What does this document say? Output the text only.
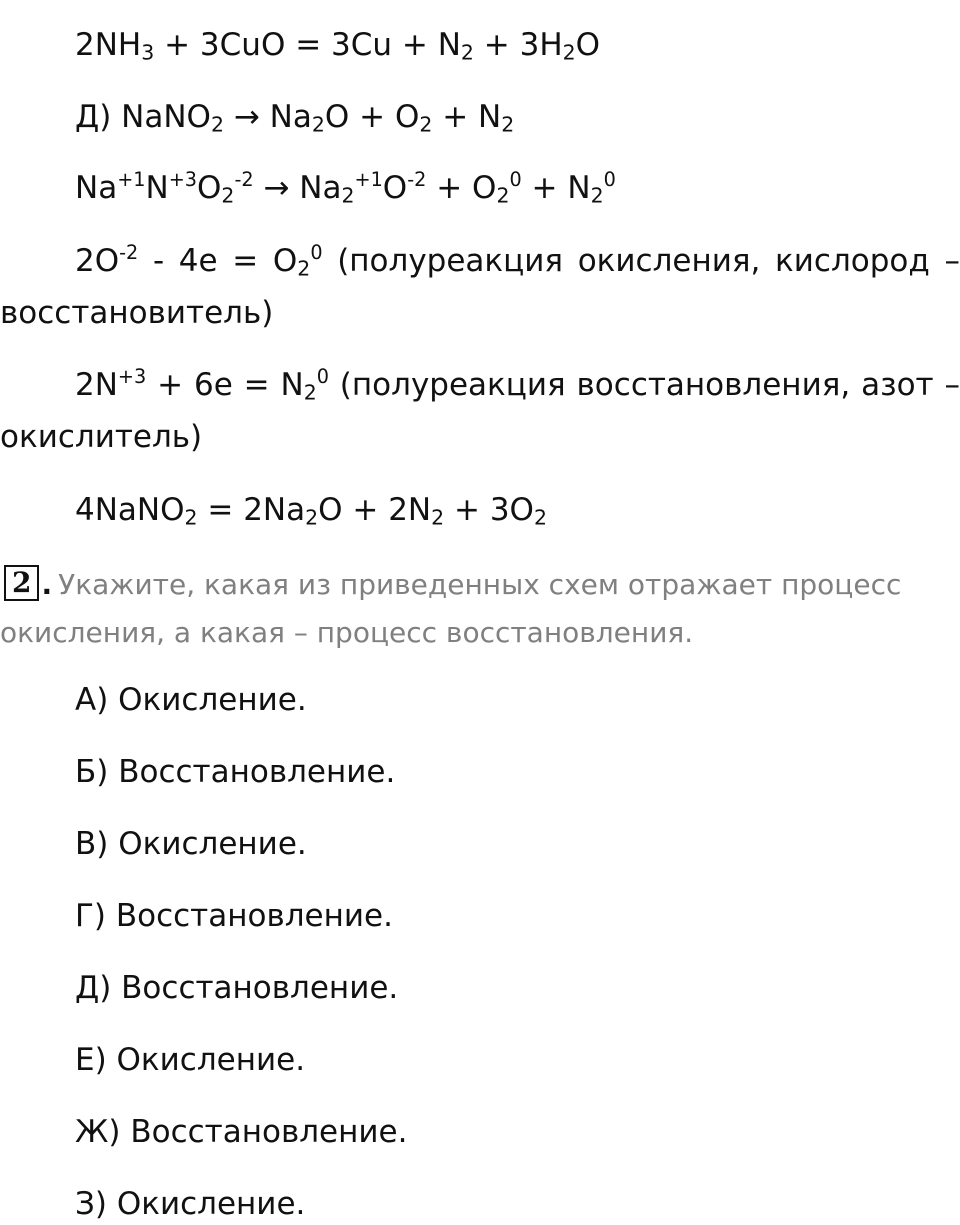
$2NH_3 + 3CuO = 3Cu + N_2 + 3H_2O$

Д) NaNO$_2$ → $Na_2O + O_2 + N_2$

$Na^{+1}N^{+3}O_2^{-2} \to Na_2^{+1}O^{-2} + O_2^0 + N_2^0$

$2O^{-2} - 4e = O_2^0$ (полуреакция окисления, кислород –
восстановитель)
$2N^{+3} + 6e = N_2^0$ (полуреакция восстановления, азот –
окислитель)

4NaNO$_2$ = $2Na_2O + 2N_2 + 3O_2$

2 . Укажите, какая из приведенных схем отражает процесс окисления, а какая – процесс восстановления.

А) Окисление.

Б) Восстановление.

В) Окисление.

Г) Восстановление.

Д) Восстановление.

Е) Окисление.

Ж) Восстановление.

З) Окисление.
